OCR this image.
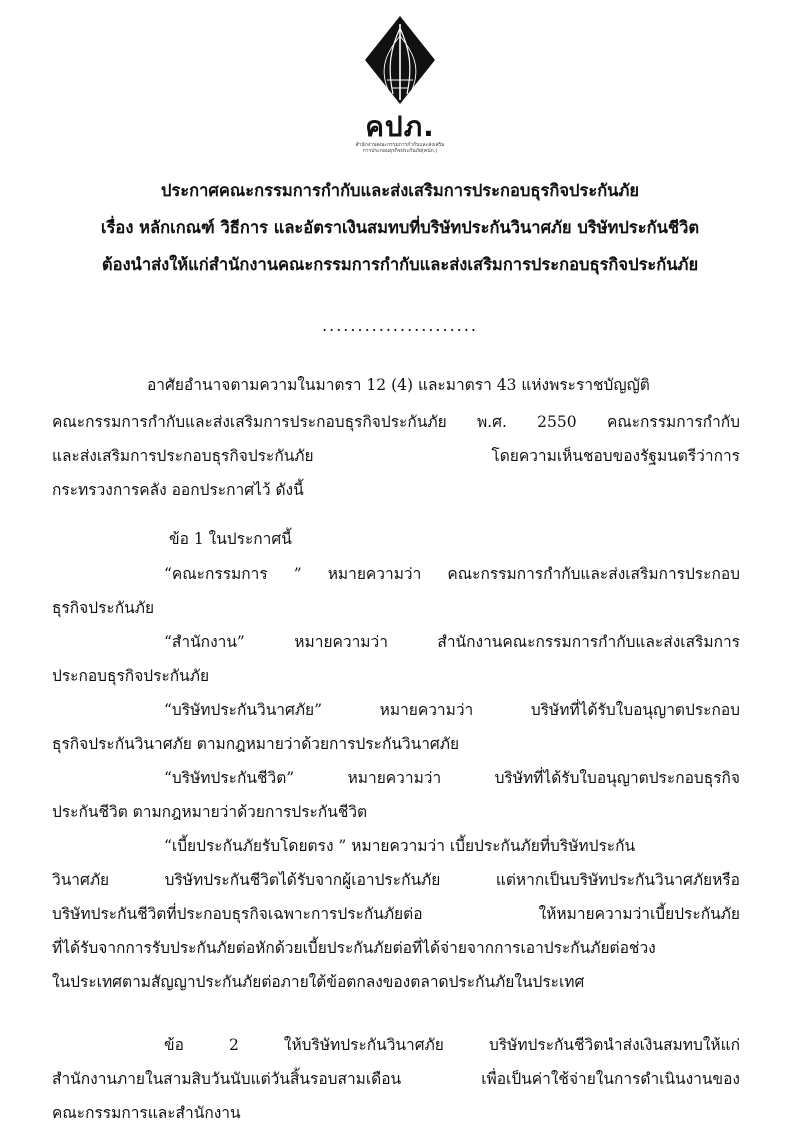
คปภ.
สำนักงานคณะกรรมการกำกับและส่งเสริม
การประกอบธุรกิจประกันภัย(คปภ.)
ประกาศคณะกรรมการกำกับและส่งเสริมการประกอบธุรกิจประกันภัย
เรื่อง หลักเกณฑ์ วิธีการ และอัตราเงินสมทบที่บริษัทประกันวินาศภัย บริษัทประกันชีวิต
ต้องนำส่งให้แก่สำนักงานคณะกรรมการกำกับและส่งเสริมการประกอบธุรกิจประกันภัย
......................
อาศัยอำนาจตามความในมาตรา 12 (4) และมาตรา 43 แห่งพระราชบัญญัติ
คณะกรรมการกำกับและส่งเสริมการประกอบธุรกิจประกันภัย พ.ศ. 2550 คณะกรรมการกำกับ
และส่งเสริมการประกอบธุรกิจประกันภัย โดยความเห็นชอบของรัฐมนตรีว่าการ
กระทรวงการคลัง ออกประกาศไว้ ดังนี้
ข้อ 1 ในประกาศนี้
“คณะกรรมการ ” หมายความว่า คณะกรรมการกำกับและส่งเสริมการประกอบ
ธุรกิจประกันภัย
“สำนักงาน” หมายความว่า สำนักงานคณะกรรมการกำกับและส่งเสริมการ
ประกอบธุรกิจประกันภัย
“บริษัทประกันวินาศภัย” หมายความว่า บริษัทที่ได้รับใบอนุญาตประกอบ
ธุรกิจประกันวินาศภัย ตามกฎหมายว่าด้วยการประกันวินาศภัย
“บริษัทประกันชีวิต” หมายความว่า บริษัทที่ได้รับใบอนุญาตประกอบธุรกิจ
ประกันชีวิต ตามกฎหมายว่าด้วยการประกันชีวิต
“เบี้ยประกันภัยรับโดยตรง ” หมายความว่า เบี้ยประกันภัยที่บริษัทประกัน
วินาศภัย บริษัทประกันชีวิตได้รับจากผู้เอาประกันภัย แต่หากเป็นบริษัทประกันวินาศภัยหรือ
บริษัทประกันชีวิตที่ประกอบธุรกิจเฉพาะการประกันภัยต่อ ให้หมายความว่าเบี้ยประกันภัย
ที่ได้รับจากการรับประกันภัยต่อหักด้วยเบี้ยประกันภัยต่อที่ได้จ่ายจากการเอาประกันภัยต่อช่วง
ในประเทศตามสัญญาประกันภัยต่อภายใต้ข้อตกลงของตลาดประกันภัยในประเทศ
ข้อ 2 ให้บริษัทประกันวินาศภัย บริษัทประกันชีวิตนำส่งเงินสมทบให้แก่
สำนักงานภายในสามสิบวันนับแต่วันสิ้นรอบสามเดือน เพื่อเป็นค่าใช้จ่ายในการดำเนินงานของ
คณะกรรมการและสำนักงาน
